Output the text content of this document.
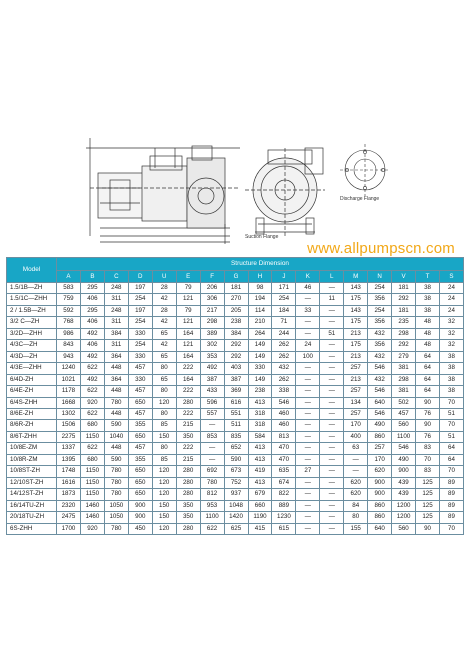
Suction Flange
Discharge Flange
www.allpumpscn.com
Model	Structure Dimension																
	A	B	C	D	U	E	F	G	H	J	K	L	M	N	V	T	S
1.5/1B—ZH	583	295	248	197	28	79	206	181	98	171	46	—	143	254	181	38	24
1.5/1C—ZHH	759	406	311	254	42	121	306	270	194	254	—	11	175	356	292	38	24
2 / 1.5B—ZH	592	295	248	197	28	79	217	205	114	184	33	—	143	254	181	38	24
3/2 C—ZH	768	406	311	254	42	121	298	238	210	71	—	—	175	356	235	48	32
3/2D—ZHH	986	492	384	330	65	164	389	384	264	244	—	51	213	432	298	48	32
4/3C—ZH	843	406	311	254	42	121	302	292	149	262	24	—	175	356	292	48	32
4/3D—ZH	943	492	364	330	65	164	353	292	149	262	100	—	213	432	279	64	38
4/3E—ZHH	1240	622	448	457	80	222	492	403	330	432	—	—	257	546	381	64	38
6/4D-ZH	1021	492	364	330	65	164	387	387	149	262	—	—	213	432	298	64	38
6/4E-ZH	1178	622	448	457	80	222	433	369	238	338	—	—	257	546	381	64	38
6/4S-ZHH	1668	920	780	650	120	280	596	616	413	546	—	—	134	640	502	90	70
8/6E-ZH	1302	622	448	457	80	222	557	551	318	460	—	—	257	546	457	76	51
8/6R-ZH	1506	680	590	355	85	215	—	511	318	460	—	—	170	490	560	90	70
8/6T-ZHH	2275	1150	1040	650	150	350	853	835	584	813	—	—	400	860	1100	76	51
10/8E-ZM	1337	622	448	457	80	222	—	652	413	470	—	—	63	257	546	83	64
10/8R-ZM	1395	680	590	355	85	215	—	590	413	470	—	—	—	170	490	70	64
10/8ST-ZH	1748	1150	780	650	120	280	692	673	419	635	27	—	—	620	900	83	70
12/10ST-ZH	1616	1150	780	650	120	280	780	752	413	674	—	—	620	900	439	125	89
14/12ST-ZH	1873	1150	780	650	120	280	812	937	679	822	—	—	620	900	439	125	89
16/14TU-ZH	2320	1460	1050	900	150	350	953	1048	660	889	—	—	84	860	1200	125	89
20/18TU-ZH	2475	1460	1050	900	150	350	1100	1420	1190	1230	—	—	80	860	1200	125	89
6S-ZHH	1700	920	780	450	120	280	622	625	415	615	—	—	155	640	560	90	70
